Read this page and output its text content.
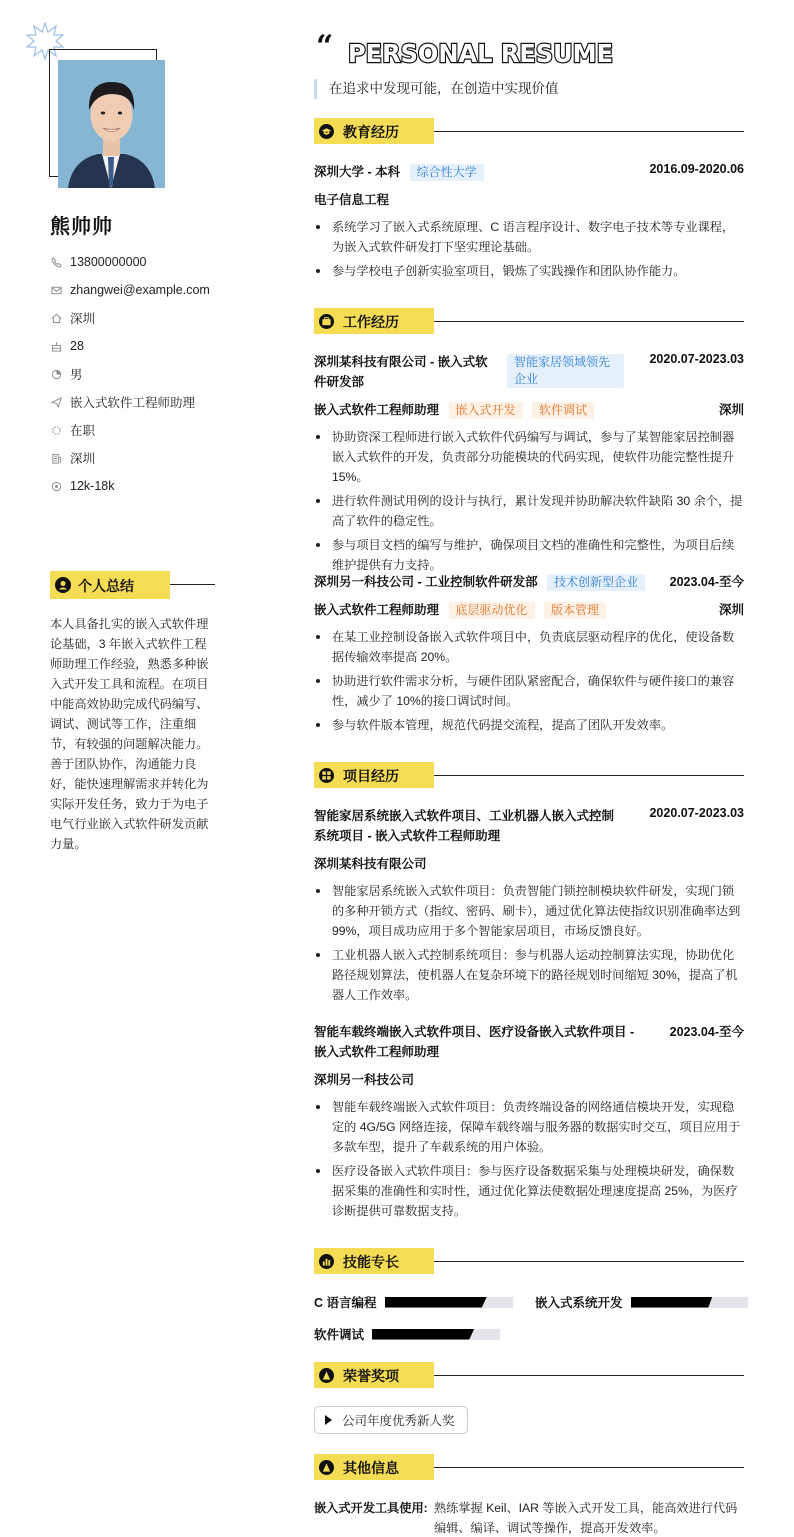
熊帅帅
13800000000
zhangwei@example.com
深圳
28
男
嵌入式软件工程师助理
在职
深圳
12k-18k
个人总结
本人具备扎实的嵌入式软件理论基础，3 年嵌入式软件工程师助理工作经验，熟悉多种嵌入式开发工具和流程。在项目中能高效协助完成代码编写、调试、测试等工作，注重细节，有较强的问题解决能力。善于团队协作，沟通能力良好，能快速理解需求并转化为实际开发任务，致力于为电子电气行业嵌入式软件研发贡献力量。
“ PERSONAL RESUME
在追求中发现可能，在创造中实现价值
教育经历
深圳大学 - 本科 综合性大学	2016.09-2020.06
电子信息工程
系统学习了嵌入式系统原理、C 语言程序设计、数字电子技术等专业课程，为嵌入式软件研发打下坚实理论基础。
参与学校电子创新实验室项目，锻炼了实践操作和团队协作能力。
工作经历
深圳某科技有限公司 - 嵌入式软件研发部
智能家居领域领先企业
2020.07-2023.03
嵌入式软件工程师助理 嵌入式开发 软件调试	深圳
协助资深工程师进行嵌入式软件代码编写与调试，参与了某智能家居控制器嵌入式软件的开发，负责部分功能模块的代码实现，使软件功能完整性提升 15%。
进行软件测试用例的设计与执行，累计发现并协助解决软件缺陷 30 余个，提高了软件的稳定性。
参与项目文档的编写与维护，确保项目文档的准确性和完整性，为项目后续维护提供有力支持。
深圳另一科技公司 - 工业控制软件研发部 技术创新型企业	2023.04-至今
嵌入式软件工程师助理 底层驱动优化 版本管理	深圳
在某工业控制设备嵌入式软件项目中，负责底层驱动程序的优化，使设备数据传输效率提高 20%。
协助进行软件需求分析，与硬件团队紧密配合，确保软件与硬件接口的兼容性，减少了 10%的接口调试时间。
参与软件版本管理，规范代码提交流程，提高了团队开发效率。
项目经历
智能家居系统嵌入式软件项目、工业机器人嵌入式控制系统项目 - 嵌入式软件工程师助理
2020.07-2023.03
深圳某科技有限公司
智能家居系统嵌入式软件项目：负责智能门锁控制模块软件研发，实现门锁的多种开锁方式（指纹、密码、刷卡），通过优化算法使指纹识别准确率达到 99%，项目成功应用于多个智能家居项目，市场反馈良好。
工业机器人嵌入式控制系统项目：参与机器人运动控制算法实现，协助优化路径规划算法，使机器人在复杂环境下的路径规划时间缩短 30%，提高了机器人工作效率。
智能车载终端嵌入式软件项目、医疗设备嵌入式软件项目 - 嵌入式软件工程师助理
2023.04-至今
深圳另一科技公司
智能车载终端嵌入式软件项目：负责终端设备的网络通信模块开发，实现稳定的 4G/5G 网络连接，保障车载终端与服务器的数据实时交互，项目应用于多款车型，提升了车载系统的用户体验。
医疗设备嵌入式软件项目：参与医疗设备数据采集与处理模块研发，确保数据采集的准确性和实时性，通过优化算法使数据处理速度提高 25%，为医疗诊断提供可靠数据支持。
技能专长
C 语言编程	嵌入式系统开发
软件调试
荣誉奖项
公司年度优秀新人奖
其他信息
嵌入式开发工具使用: 熟练掌握 Keil、IAR 等嵌入式开发工具，能高效进行代码编辑、编译、调试等操作，提高开发效率。
